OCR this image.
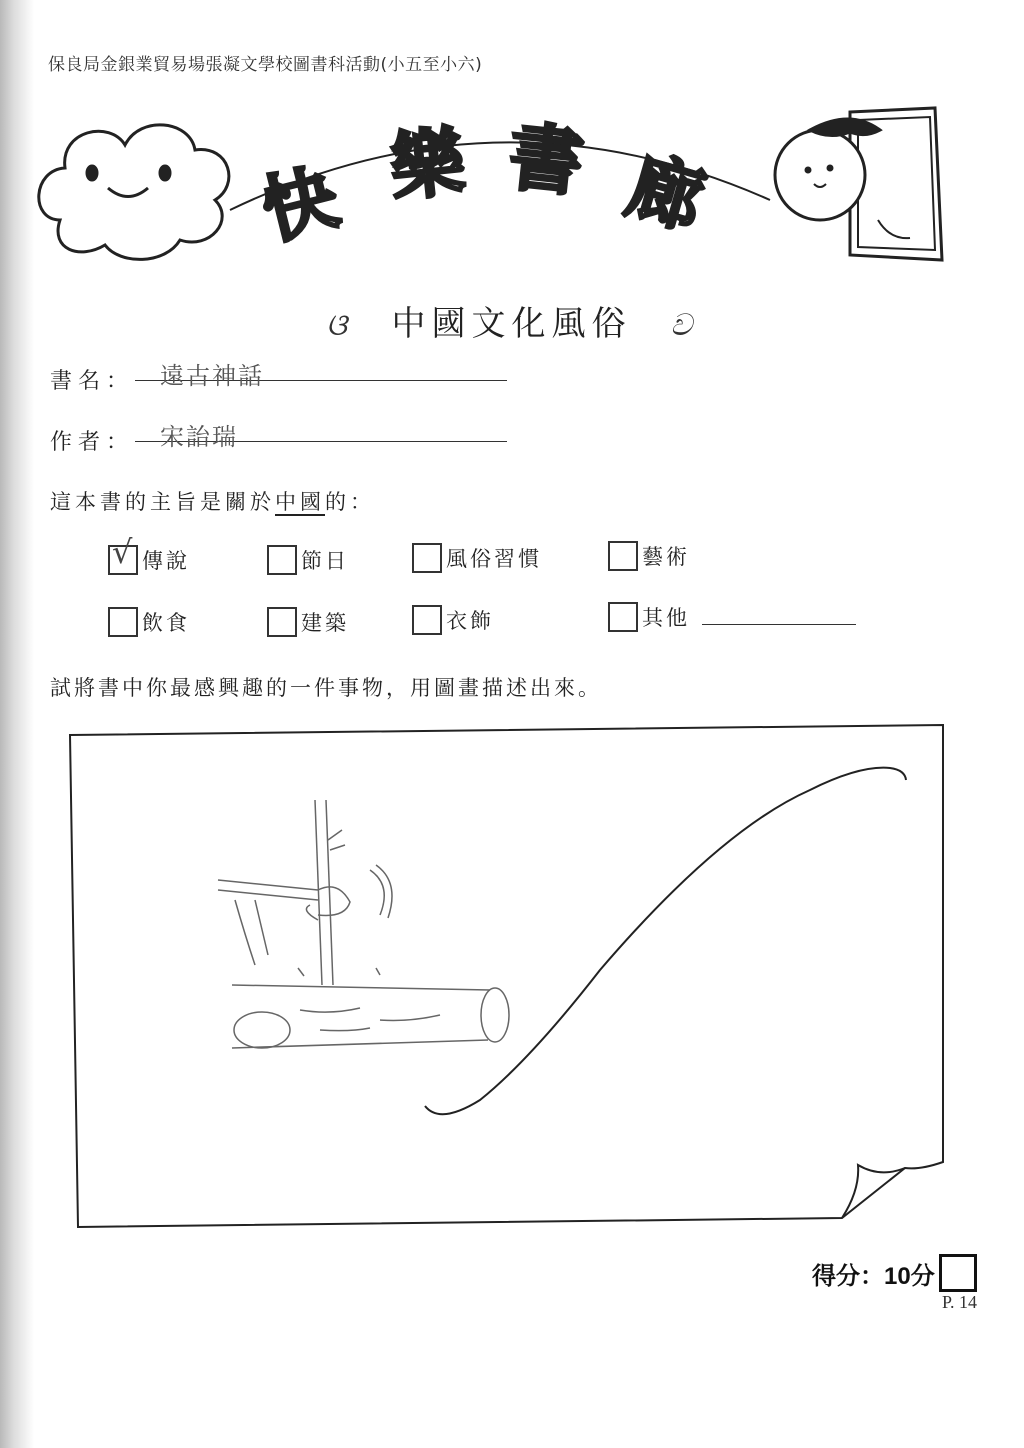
保良局金銀業貿易場張凝文學校圖書科活動(小五至小六)
快 樂 書 廊
ଓ 中國文化風俗 ව
書名： 遠古神話
作者： 宋詒瑞
這本書的主旨是關於中國的：
√ 傳說	節日	風俗習慣	藝術
飲食	建築	衣飾	其他
試將書中你最感興趣的一件事物，用圖畫描述出來。
得分：10分
P. 14
